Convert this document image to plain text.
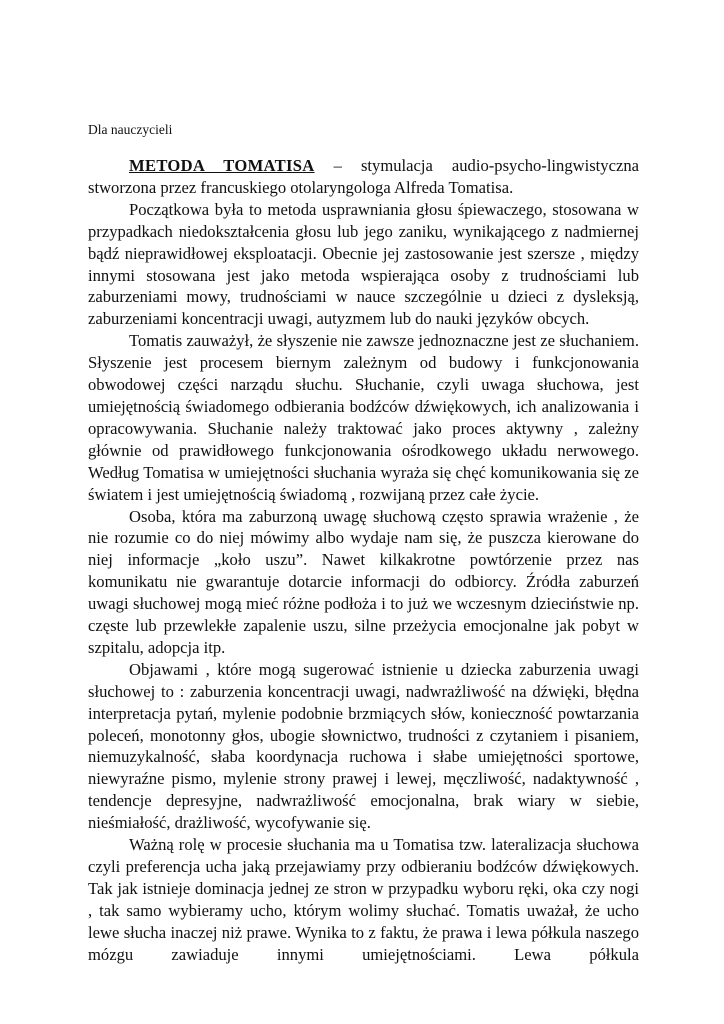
Dla nauczycieli

METODA TOMATISA – stymulacja audio-psycho-lingwistyczna

stworzona przez francuskiego otolaryngologa Alfreda Tomatisa.

Początkowa była to metoda usprawniania głosu śpiewaczego, stosowana w przypadkach niedokształcenia głosu lub jego zaniku, wynikającego z nadmiernej bądź nieprawidłowej eksploatacji. Obecnie jej zastosowanie jest szersze , między innymi stosowana jest jako metoda wspierająca osoby z trudnościami lub zaburzeniami mowy, trudnościami w nauce szczególnie u dzieci z dysleksją, zaburzeniami koncentracji uwagi, autyzmem lub do nauki języków obcych.

Tomatis zauważył, że słyszenie nie zawsze jednoznaczne jest ze słuchaniem. Słyszenie jest procesem biernym zależnym od budowy i funkcjonowania obwodowej części narządu słuchu. Słuchanie, czyli uwaga słuchowa, jest umiejętnością świadomego odbierania bodźców dźwiękowych, ich analizowania i opracowywania. Słuchanie należy traktować jako proces aktywny , zależny głównie od prawidłowego funkcjonowania ośrodkowego układu nerwowego. Według Tomatisa w umiejętności słuchania wyraża się chęć komunikowania się ze światem i jest umiejętnością świadomą , rozwijaną przez całe życie.

Osoba, która ma zaburzoną uwagę słuchową często sprawia wrażenie , że nie rozumie co do niej mówimy albo wydaje nam się, że puszcza kierowane do niej informacje „koło uszu”. Nawet kilkakrotne powtórzenie przez nas komunikatu nie gwarantuje dotarcie informacji do odbiorcy. Źródła zaburzeń uwagi słuchowej mogą mieć różne podłoża i to już we wczesnym dzieciństwie np. częste lub przewlekłe zapalenie uszu, silne przeżycia emocjonalne jak pobyt w szpitalu, adopcja itp.

Objawami , które mogą sugerować istnienie u dziecka zaburzenia uwagi słuchowej to : zaburzenia koncentracji uwagi, nadwrażliwość na dźwięki, błędna interpretacja pytań, mylenie podobnie brzmiących słów, konieczność powtarzania poleceń, monotonny głos, ubogie słownictwo, trudności z czytaniem i pisaniem, niemuzykalność, słaba koordynacja ruchowa i słabe umiejętności sportowe, niewyraźne pismo, mylenie strony prawej i lewej, męczliwość, nadaktywność , tendencje depresyjne, nadwrażliwość emocjonalna, brak wiary w siebie, nieśmiałość, drażliwość, wycofywanie się.

Ważną rolę w procesie słuchania ma u Tomatisa tzw. lateralizacja słuchowa czyli preferencja ucha jaką przejawiamy przy odbieraniu bodźców dźwiękowych. Tak jak istnieje dominacja jednej ze stron w przypadku wyboru ręki, oka czy nogi , tak samo wybieramy ucho, którym wolimy słuchać. Tomatis uważał, że ucho lewe słucha inaczej niż prawe. Wynika to z faktu, że prawa i lewa półkula naszego mózgu zawiaduje innymi umiejętnościami. Lewa półkula
